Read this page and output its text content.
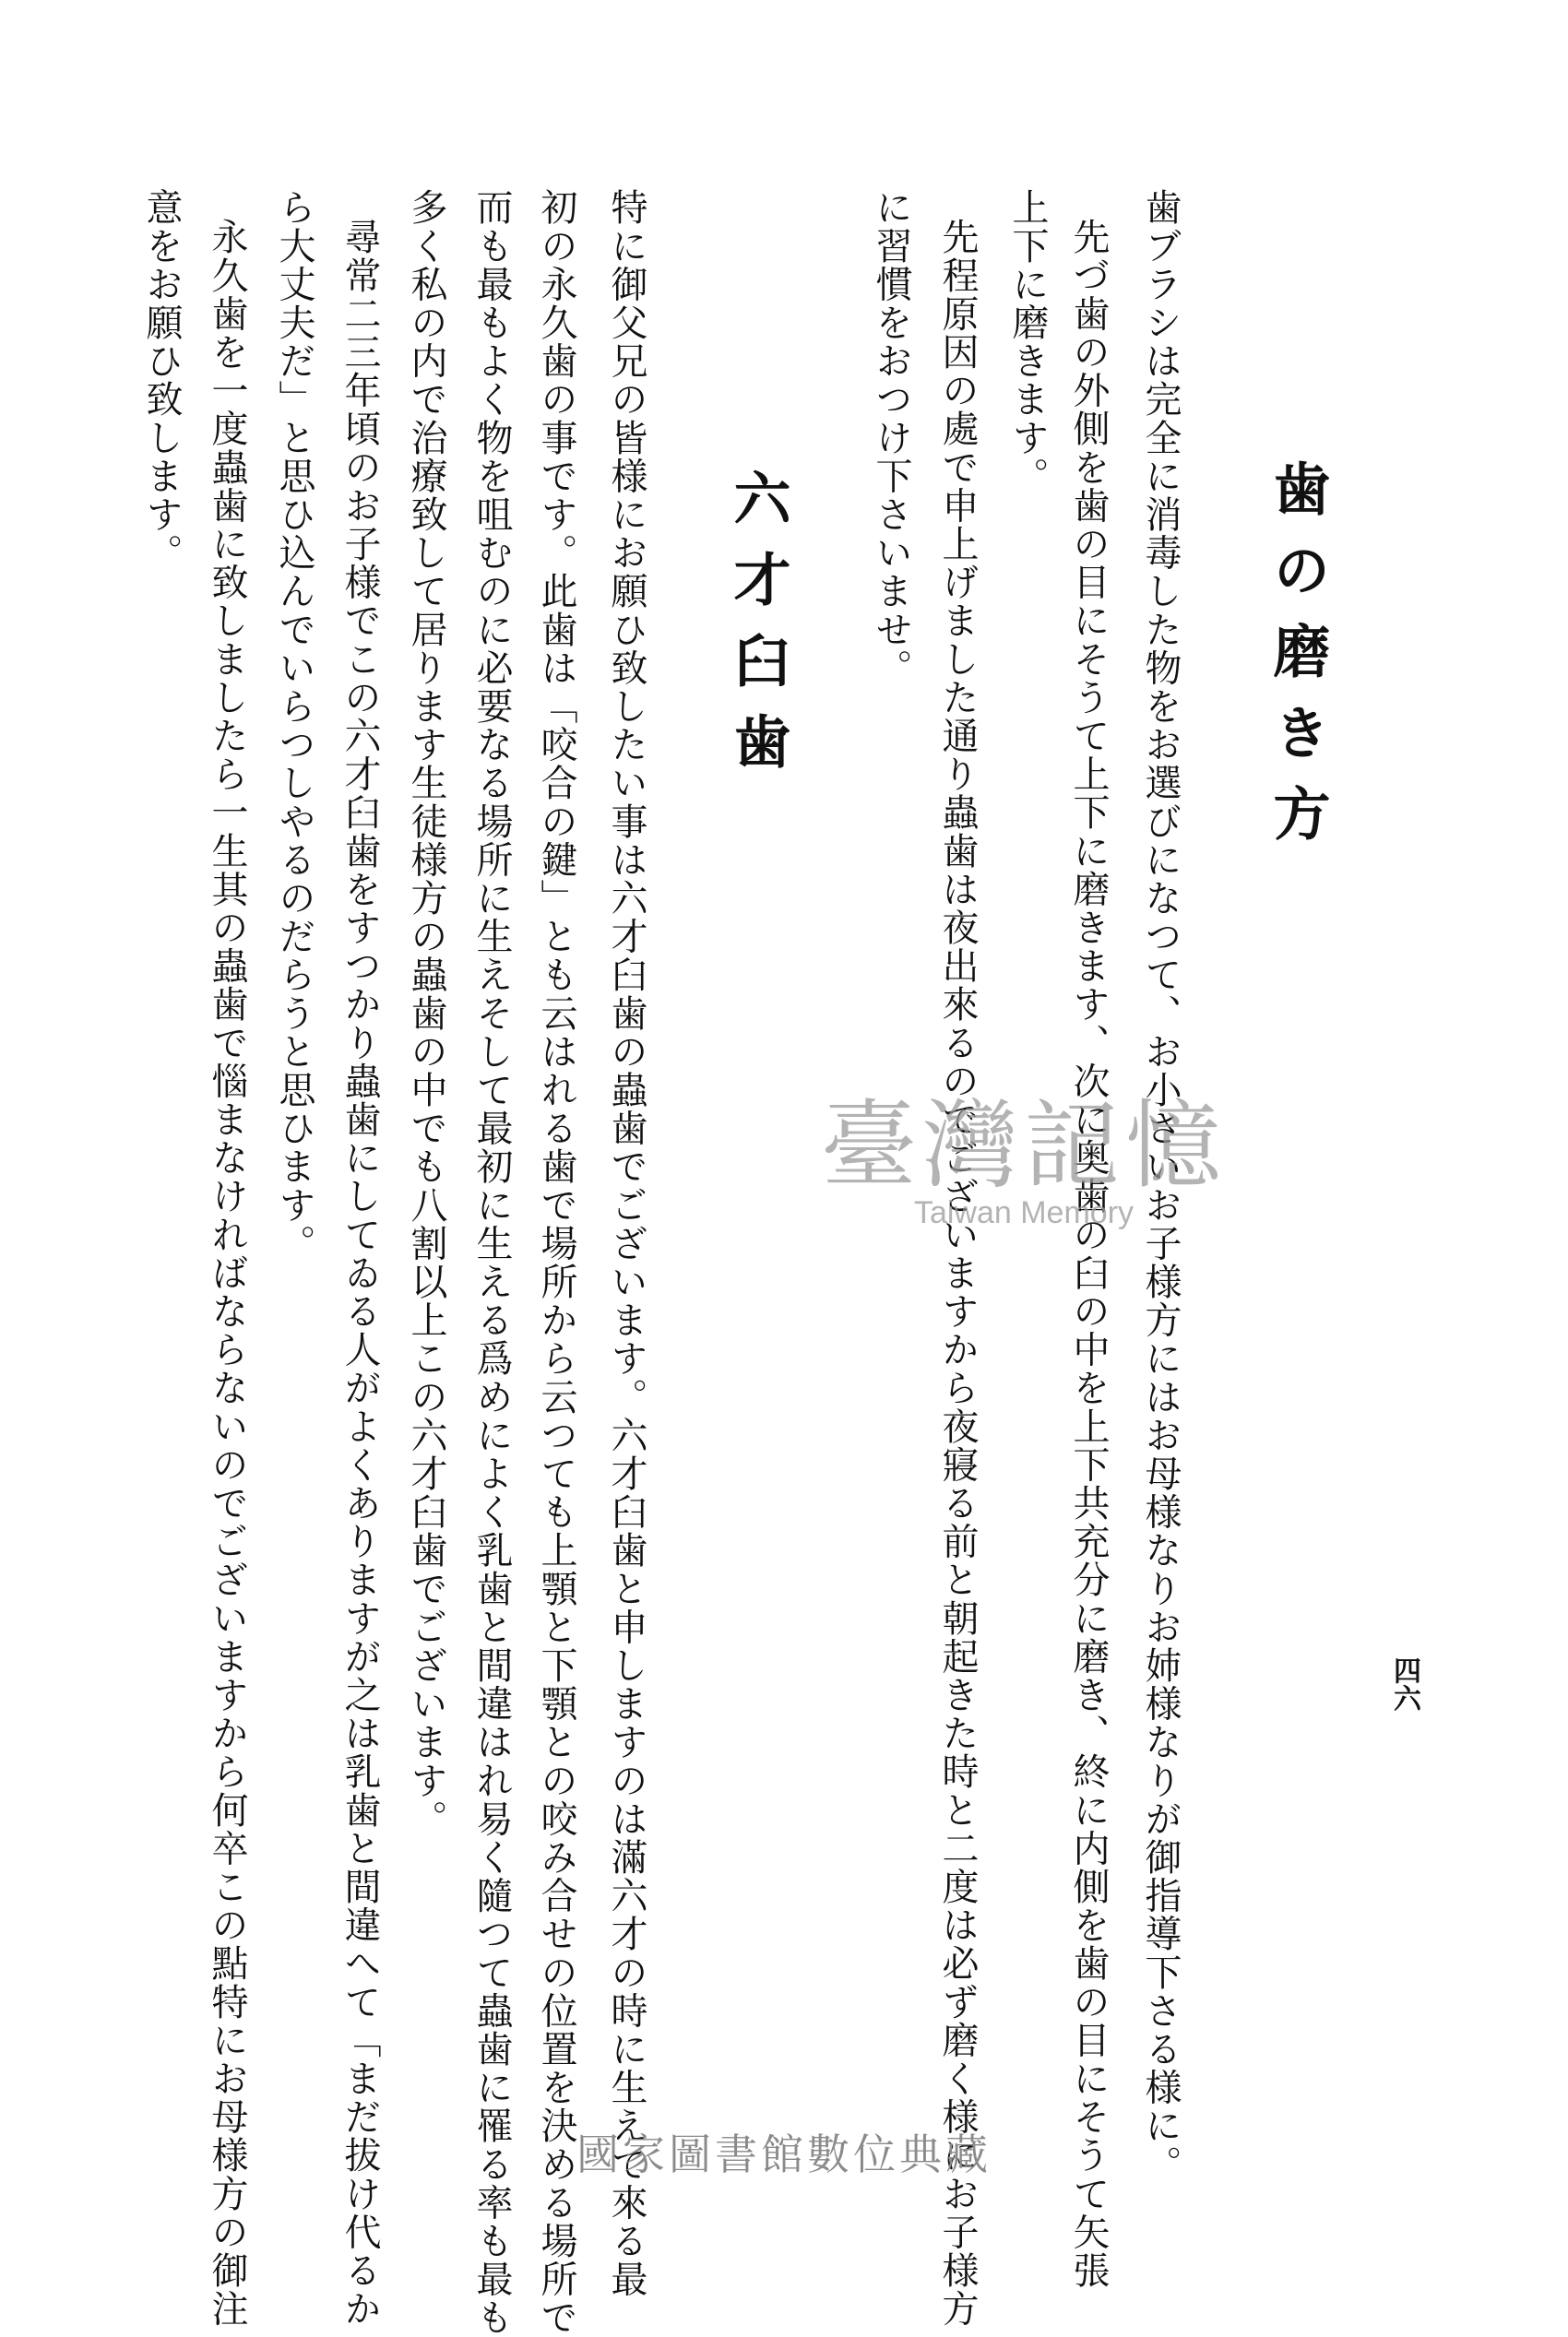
四六
歯の磨き方
歯ブラシは完全に消毒した物をお選びになつて、お小さいお子様方にはお母様なりお姉様なりが御指導下さる様に。
先づ歯の外側を歯の目にそうて上下に磨きます、次に奥歯の臼の中を上下共充分に磨き、終に内側を歯の目にそうて矢張
上下に磨きます。
先程原因の處で申上げました通り蟲歯は夜出來るのでございますから夜寢る前と朝起きた時と二度は必ず磨く様にお子様方
に習慣をおつけ下さいませ。
六才臼歯
特に御父兄の皆様にお願ひ致したい事は六才臼歯の蟲歯でございます。六才臼歯と申しますのは滿六才の時に生えて來る最
初の永久歯の事です。此歯は「咬合の鍵」とも云はれる歯で場所から云つても上顎と下顎との咬み合せの位置を決める場所で
而も最もよく物を咀むのに必要なる場所に生えそして最初に生える爲めによく乳歯と間違はれ易く隨つて蟲歯に罹る率も最も
多く私の内で治療致して居ります生徒様方の蟲歯の中でも八割以上この六才臼歯でございます。
尋常二三年頃のお子様でこの六才臼歯をすつかり蟲歯にしてゐる人がよくありますが之は乳歯と間違へて「まだ拔け代るか
ら大丈夫だ」と思ひ込んでいらつしやるのだらうと思ひます。
永久歯を一度蟲歯に致しましたら一生其の蟲歯で惱まなければならないのでございますから何卒この點特にお母様方の御注
意をお願ひ致します。
臺灣記憶
Taiwan Memory
國家圖書館數位典藏
